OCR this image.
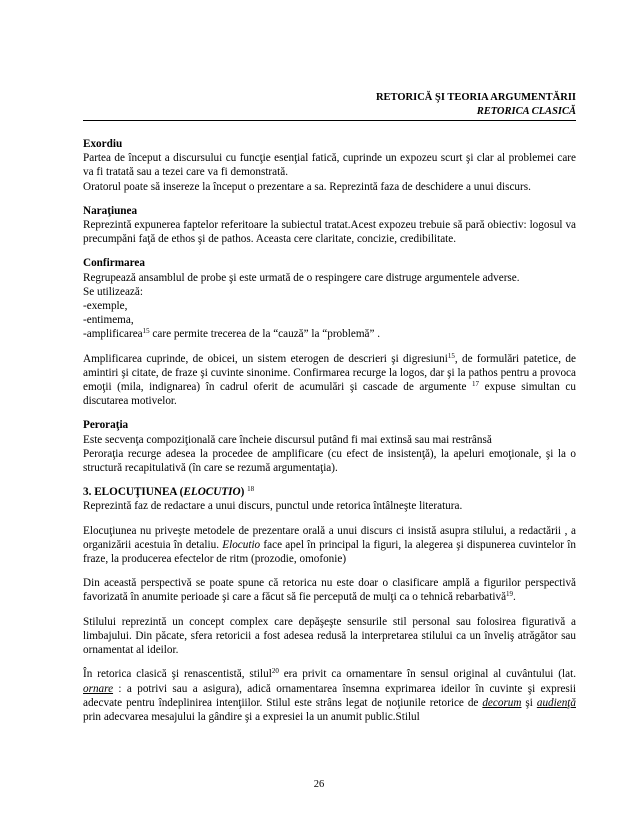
RETORICĂ ŞI TEORIA ARGUMENTĂRII
RETORICA CLASICĂ

Exordiu

Partea de început a discursului cu funcţie esenţial fatică, cuprinde un expozeu scurt şi clar al problemei care va fi tratată sau a tezei care va fi demonstrată.

Oratorul poate să insereze la început o prezentare a sa. Reprezintă faza de deschidere a unui discurs.

Naraţiunea

Reprezintă expunerea faptelor referitoare la subiectul tratat.Acest expozeu trebuie să pară obiectiv: logosul va precumpăni faţă de ethos şi de pathos. Aceasta cere claritate, concizie, credibilitate.

Confirmarea

Regrupează ansamblul de probe şi este urmată de o respingere care distruge argumentele adverse.

Se utilizează:

-exemple,

-entimema,

-amplificarea$^{15}$ care permite trecerea de la “cauză” la “problemă” .

Amplificarea cuprinde, de obicei, un sistem eterogen de descrieri şi digresiuni$^{15}$, de formulări patetice, de amintiri şi citate, de fraze şi cuvinte sinonime. Confirmarea recurge la logos, dar şi la pathos pentru a provoca emoţii (mila, indignarea) în cadrul oferit de acumulări şi cascade de argumente $^{17}$ expuse simultan cu discutarea motivelor.

Peroraţia

Este secvenţa compoziţională care încheie discursul putând fi mai extinsă sau mai restrânsă

Peroraţia recurge adesea la procedee de amplificare (cu efect de insistenţă), la apeluri emoţionale, şi la o structură recapitulativă (în care se rezumă argumentaţia).

3. ELOCUŢIUNEA (ELOCUTIO) $^{18}$

Reprezintă faz de redactare a unui discurs, punctul unde retorica întâlneşte literatura.

Elocuţiunea nu priveşte metodele de prezentare orală a unui discurs ci insistă asupra stilului, a redactării , a organizării acestuia în detaliu. Elocutio face apel în principal la figuri, la alegerea şi dispunerea cuvintelor în fraze, la producerea efectelor de ritm (prozodie, omofonie)

Din această perspectivă se poate spune că retorica nu este doar o clasificare amplă a figurilor perspectivă favorizată în anumite perioade şi care a făcut să fie percepută de mulţi ca o tehnică rebarbativă$^{19}$.

Stilului reprezintă un concept complex care depăşeşte sensurile stil personal sau folosirea figurativă a limbajului. Din păcate, sfera retoricii a fost adesea redusă la interpretarea stilului ca un înveliş atrăgător sau ornamentat al ideilor.

În retorica clasică şi renascentistă, stilul$^{20}$ era privit ca ornamentare în sensul original al cuvântului (lat. ornare : a potrivi sau a asigura), adică ornamentarea însemna exprimarea ideilor în cuvinte şi expresii adecvate pentru îndeplinirea intenţiilor. Stilul este strâns legat de noţiunile retorice de decorum şi audienţă prin adecvarea mesajului la gândire şi a expresiei la un anumit public.Stilul

26
